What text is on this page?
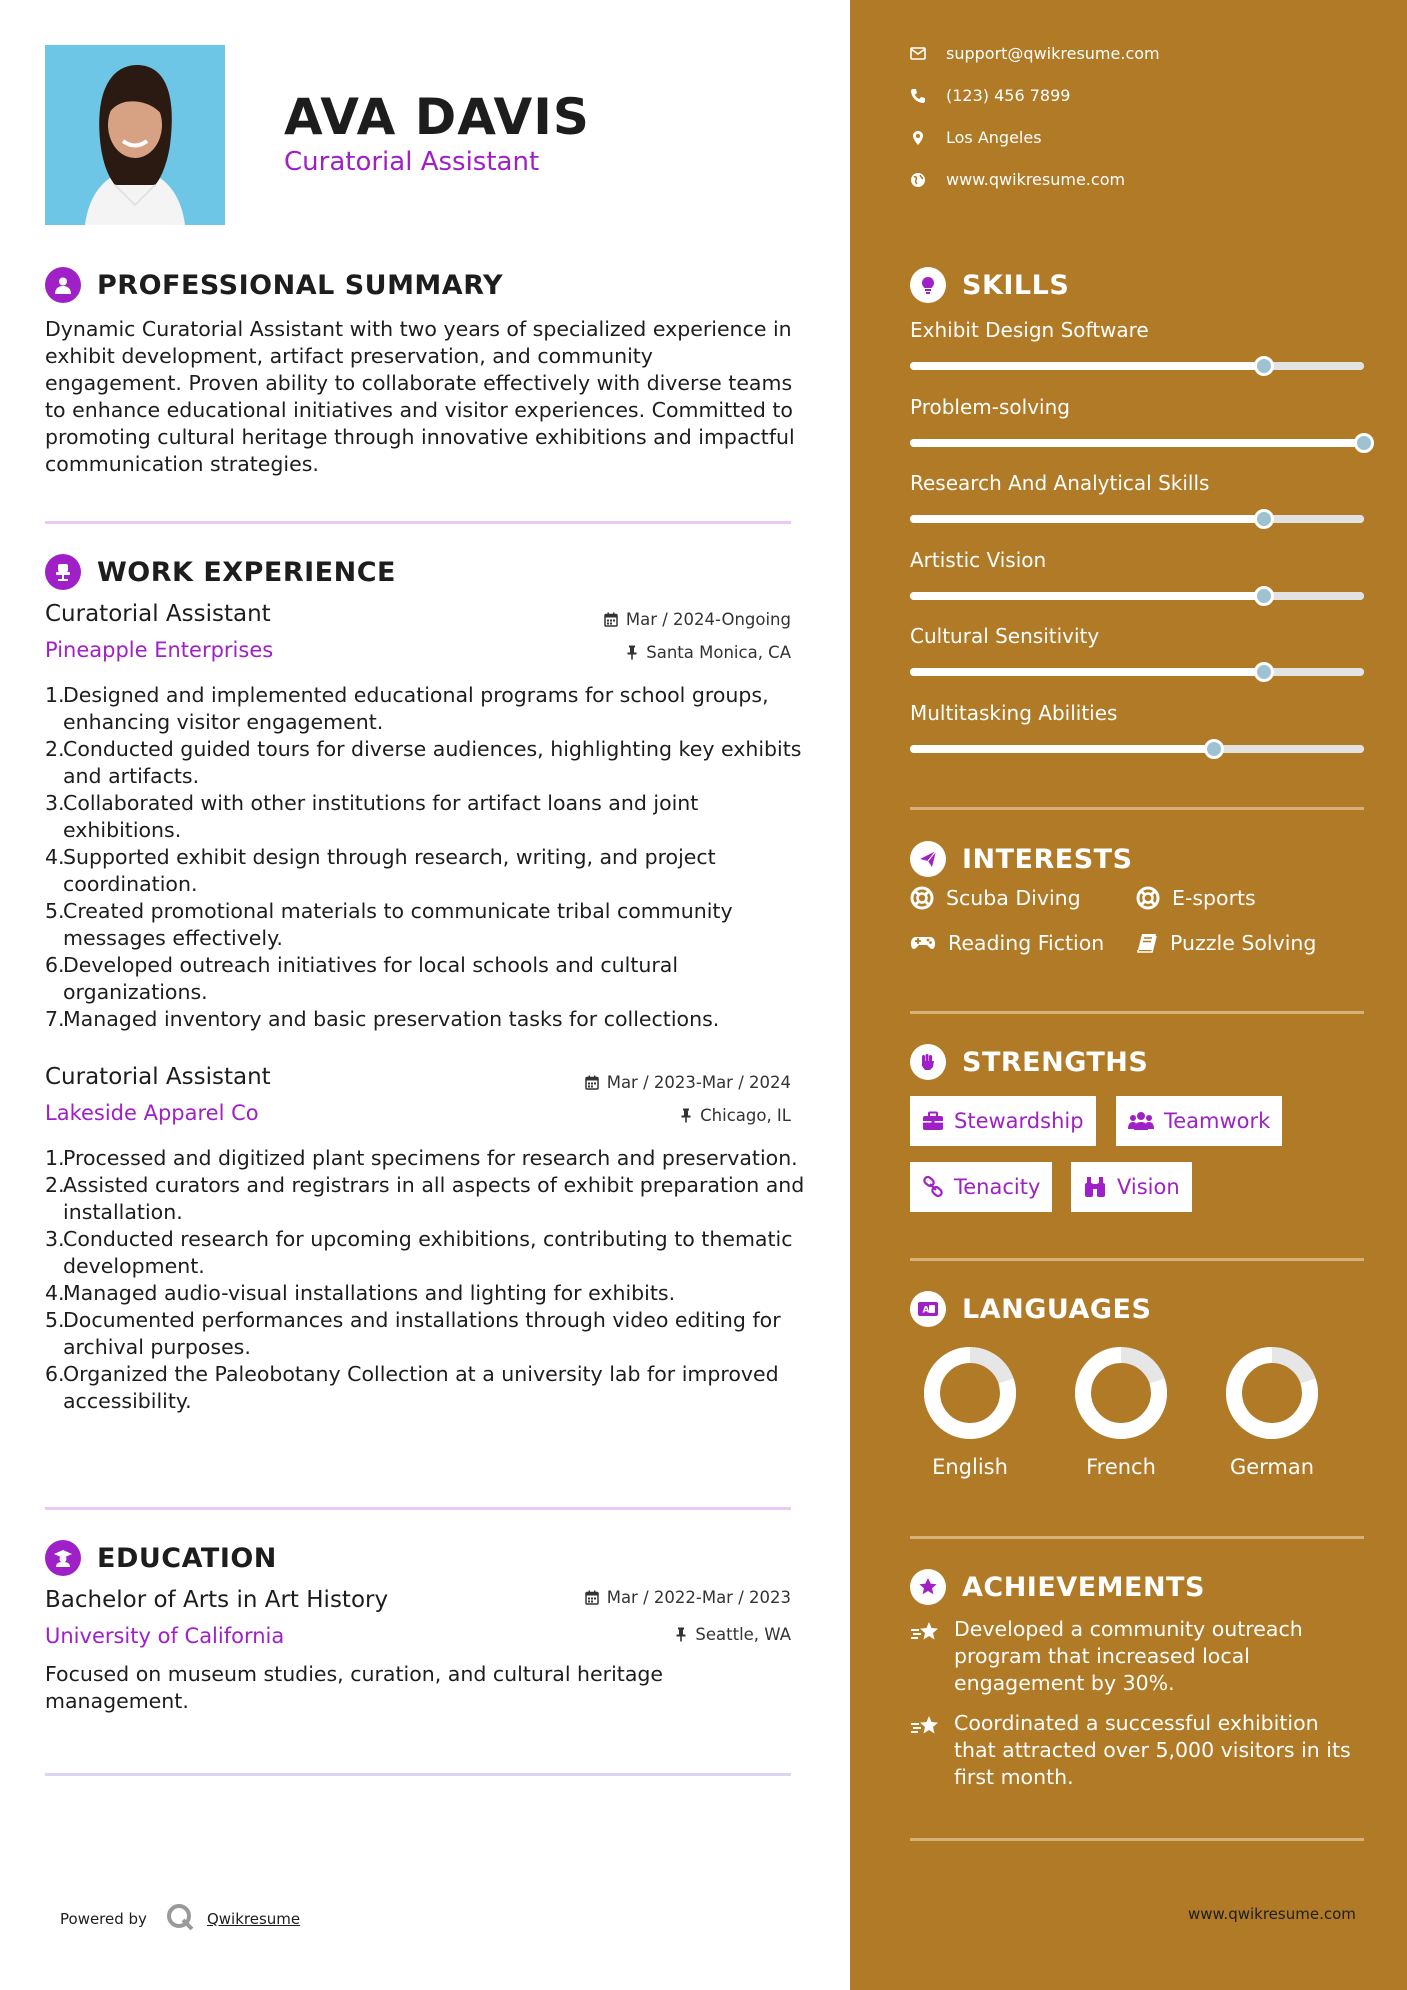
AVA DAVIS
Curatorial Assistant
PROFESSIONAL SUMMARY
Dynamic Curatorial Assistant with two years of specialized experience in exhibit development, artifact preservation, and community engagement. Proven ability to collaborate effectively with diverse teams to enhance educational initiatives and visitor experiences. Committed to promoting cultural heritage through innovative exhibitions and impactful communication strategies.
WORK EXPERIENCE
Curatorial Assistant	Mar / 2024-Ongoing
Pineapple Enterprises	Santa Monica, CA
1.
Designed and implemented educational programs for school groups, enhancing visitor engagement.
2.
Conducted guided tours for diverse audiences, highlighting key exhibits and artifacts.
3.
Collaborated with other institutions for artifact loans and joint exhibitions.
4.
Supported exhibit design through research, writing, and project coordination.
5.
Created promotional materials to communicate tribal community messages effectively.
6.
Developed outreach initiatives for local schools and cultural organizations.
7.
Managed inventory and basic preservation tasks for collections.
Curatorial Assistant	Mar / 2023-Mar / 2024
Lakeside Apparel Co	Chicago, IL
1.
Processed and digitized plant specimens for research and preservation.
2.
Assisted curators and registrars in all aspects of exhibit preparation and installation.
3.
Conducted research for upcoming exhibitions, contributing to thematic development.
4.
Managed audio-visual installations and lighting for exhibits.
5.
Documented performances and installations through video editing for archival purposes.
6.
Organized the Paleobotany Collection at a university lab for improved accessibility.
EDUCATION
Bachelor of Arts in Art History	Mar / 2022-Mar / 2023
University of California	Seattle, WA
Focused on museum studies, curation, and cultural heritage management.
Powered by	Qwikresume
support@qwikresume.com
(123) 456 7899
Los Angeles
www.qwikresume.com
SKILLS
Exhibit Design Software
Problem-solving
Research And Analytical Skills
Artistic Vision
Cultural Sensitivity
Multitasking Abilities
INTERESTS
Scuba Diving	E-sports
Reading Fiction	Puzzle Solving
STRENGTHS
Stewardship	Teamwork
Tenacity	Vision
A LANGUAGES
English	French	German
ACHIEVEMENTS
Developed a community outreach program that increased local engagement by 30%.
Coordinated a successful exhibition that attracted over 5,000 visitors in its first month.
www.qwikresume.com
